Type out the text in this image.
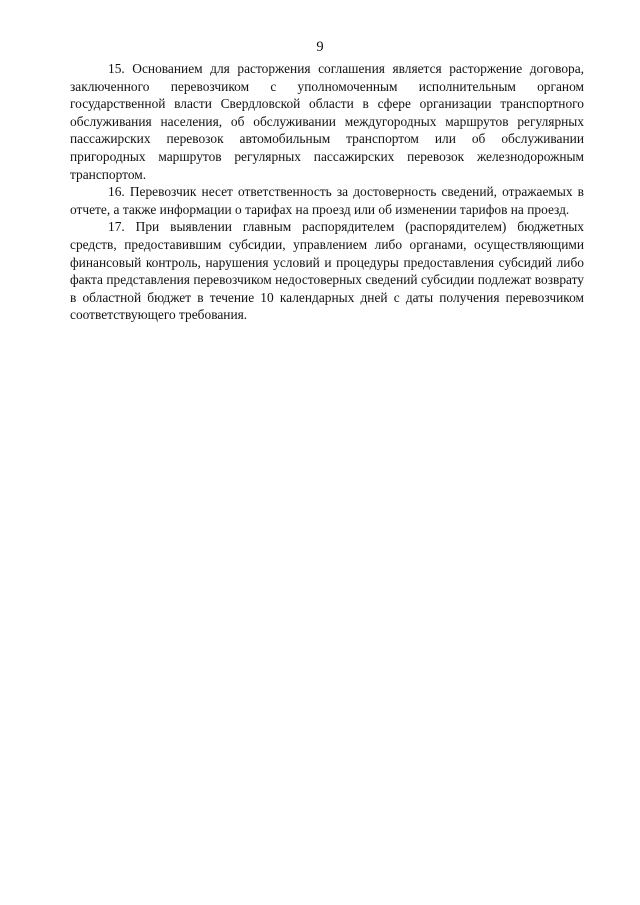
9

15. Основанием для расторжения соглашения является расторжение договора, заключенного перевозчиком с уполномоченным исполнительным органом государственной власти Свердловской области в сфере организации транспортного обслуживания населения, об обслуживании междугородных маршрутов регулярных пассажирских перевозок автомобильным транспортом или об обслуживании пригородных маршрутов регулярных пассажирских перевозок железнодорожным транспортом.

16. Перевозчик несет ответственность за достоверность сведений, отражаемых в отчете, а также информации о тарифах на проезд или об изменении тарифов на проезд.

17. При выявлении главным распорядителем (распорядителем) бюджетных средств, предоставившим субсидии, управлением либо органами, осуществляющими финансовый контроль, нарушения условий и процедуры предоставления субсидий либо факта представления перевозчиком недостоверных сведений субсидии подлежат возврату в областной бюджет в течение 10 календарных дней с даты получения перевозчиком соответствующего требования.
